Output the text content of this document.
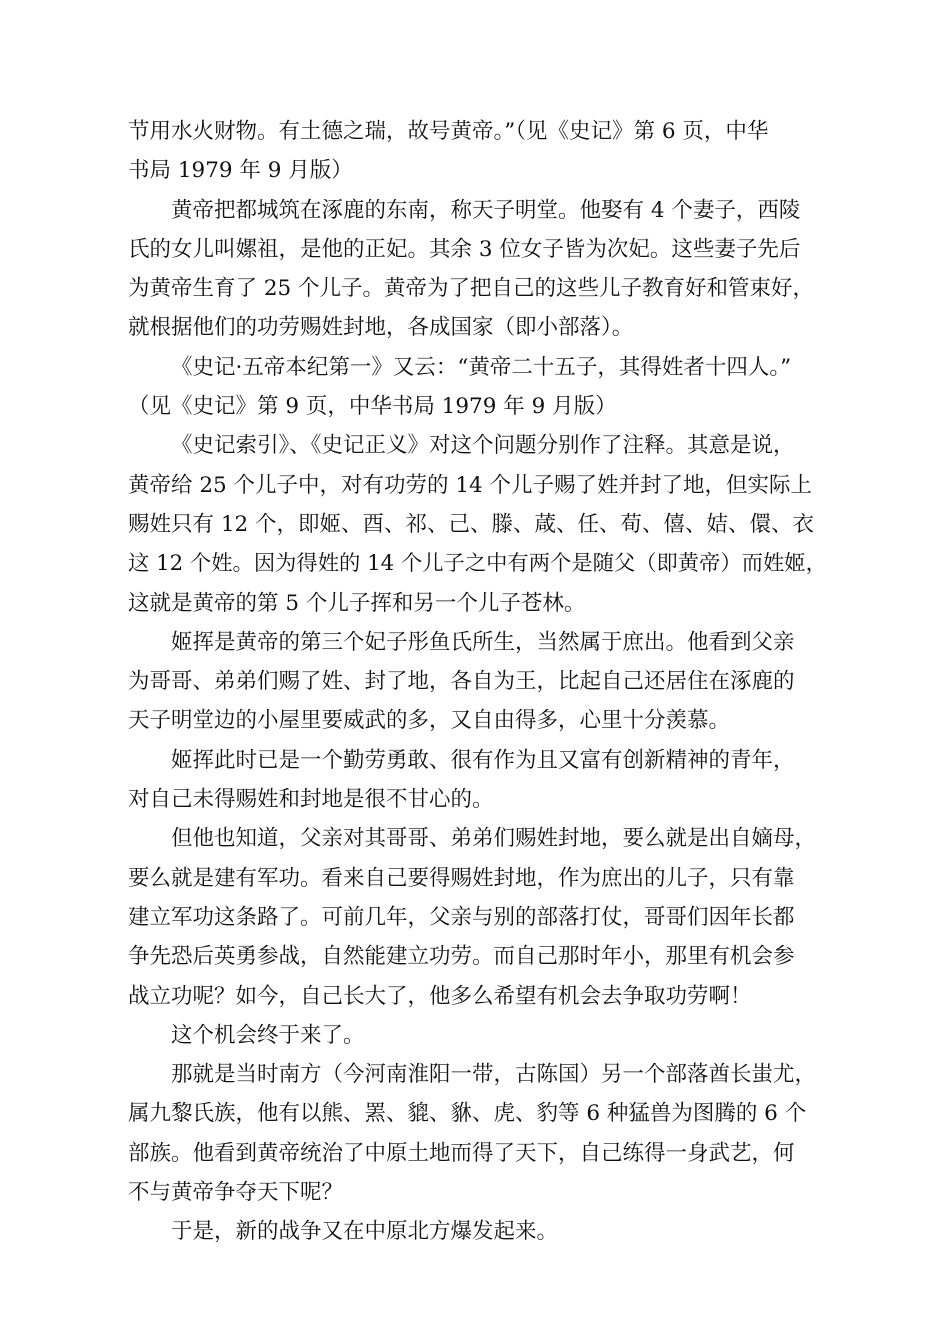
节用水火财物。有土德之瑞，故号黄帝。”（见《史记》第 6 页，中华
书局 1979 年 9 月版）
黄帝把都城筑在涿鹿的东南，称天子明堂。他娶有 4 个妻子，西陵
氏的女儿叫嫘祖，是他的正妃。其余 3 位女子皆为次妃。这些妻子先后
为黄帝生育了 25 个儿子。黄帝为了把自己的这些儿子教育好和管束好，
就根据他们的功劳赐姓封地，各成国家（即小部落）。
《史记·五帝本纪第一》又云：“黄帝二十五子，其得姓者十四人。”
（见《史记》第 9 页，中华书局 1979 年 9 月版）
《史记索引》、《史记正义》对这个问题分别作了注释。其意是说，
黄帝给 25 个儿子中，对有功劳的 14 个儿子赐了姓并封了地，但实际上
赐姓只有 12 个，即姬、酉、祁、己、滕、葴、任、荀、僖、姞、儇、衣
这 12 个姓。因为得姓的 14 个儿子之中有两个是随父（即黄帝）而姓姬，
这就是黄帝的第 5 个儿子挥和另一个儿子苍林。
姬挥是黄帝的第三个妃子彤鱼氏所生，当然属于庶出。他看到父亲
为哥哥、弟弟们赐了姓、封了地，各自为王，比起自己还居住在涿鹿的
天子明堂边的小屋里要威武的多，又自由得多，心里十分羡慕。
姬挥此时已是一个勤劳勇敢、很有作为且又富有创新精神的青年，
对自己未得赐姓和封地是很不甘心的。
但他也知道，父亲对其哥哥、弟弟们赐姓封地，要么就是出自嫡母，
要么就是建有军功。看来自己要得赐姓封地，作为庶出的儿子，只有靠
建立军功这条路了。可前几年，父亲与别的部落打仗，哥哥们因年长都
争先恐后英勇参战，自然能建立功劳。而自己那时年小，那里有机会参
战立功呢？如今，自己长大了，他多么希望有机会去争取功劳啊！
这个机会终于来了。
那就是当时南方（今河南淮阳一带，古陈国）另一个部落酋长蚩尤，
属九黎氏族，他有以熊、罴、貔、貅、虎、豹等 6 种猛兽为图腾的 6 个
部族。他看到黄帝统治了中原土地而得了天下，自己练得一身武艺，何
不与黄帝争夺天下呢？
于是，新的战争又在中原北方爆发起来。
